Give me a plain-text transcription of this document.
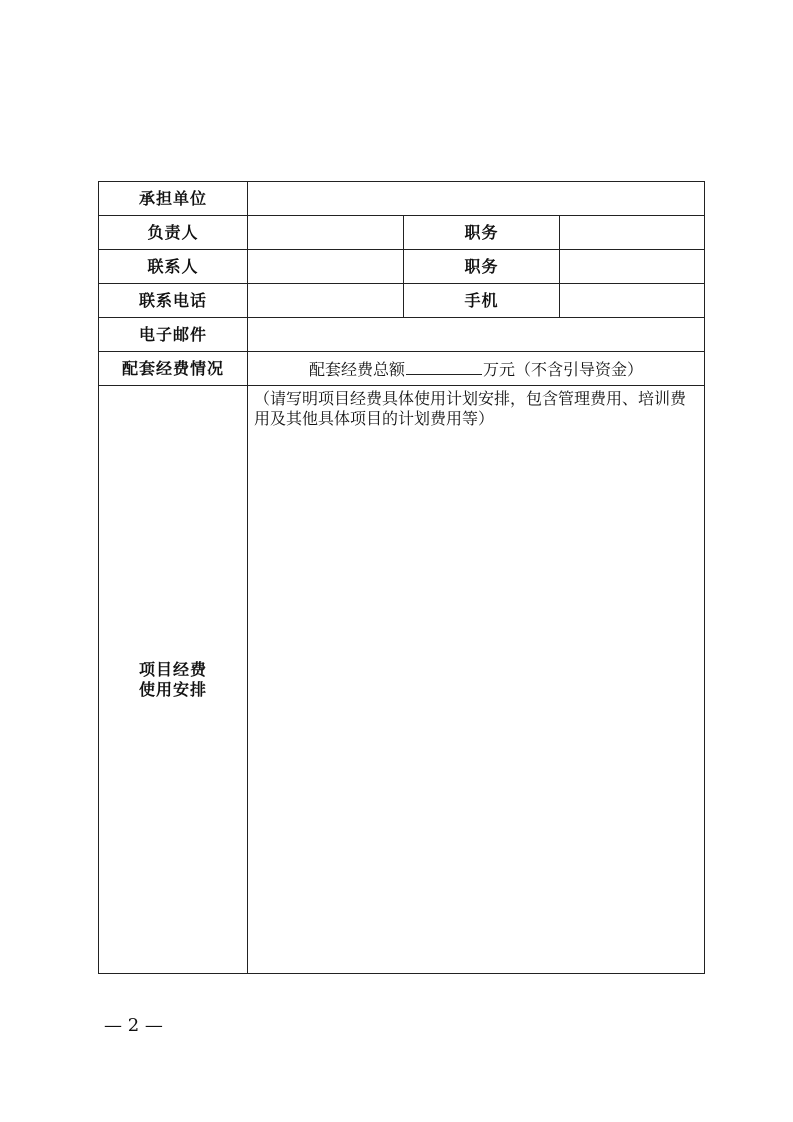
承担单位			
负责人		职务	
联系人		职务	
联系电话		手机	
电子邮件			
配套经费情况	配套经费总额 万元（不含引导资金）		

项目经费
使用安排	（请写明项目经费具体使用计划安排，包含管理费用、培训费用及其他具体项目的计划费用等）		
— 2 —
